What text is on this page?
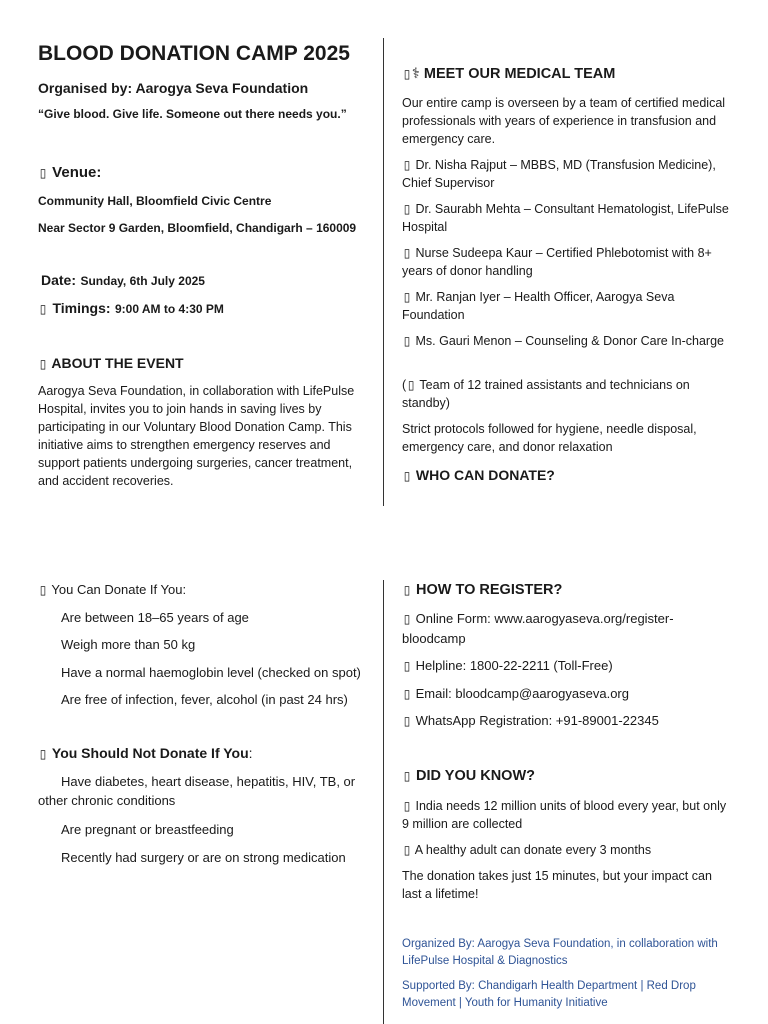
BLOOD DONATION CAMP 2025
Organised by: Aarogya Seva Foundation
“Give blood. Give life. Someone out there needs you.”
▯ Venue:
Community Hall, Bloomfield Civic Centre
Near Sector 9 Garden, Bloomfield, Chandigarh – 160009
Date: Sunday, 6th July 2025
▯ Timings: 9:00 AM to 4:30 PM
▯ ABOUT THE EVENT

Aarogya Seva Foundation, in collaboration with LifePulse Hospital, invites you to join hands in saving lives by participating in our Voluntary Blood Donation Camp. This initiative aims to strengthen emergency reserves and support patients undergoing surgeries, cancer treatment, and accident recoveries.

▯ ⚕ MEET OUR MEDICAL TEAM

Our entire camp is overseen by a team of certified medical professionals with years of experience in transfusion and emergency care.

▯ Dr. Nisha Rajput – MBBS, MD (Transfusion Medicine), Chief Supervisor

▯ Dr. Saurabh Mehta – Consultant Hematologist, LifePulse Hospital

▯ Nurse Sudeepa Kaur – Certified Phlebotomist with 8+ years of donor handling

▯ Mr. Ranjan Iyer – Health Officer, Aarogya Seva Foundation

▯ Ms. Gauri Menon – Counseling & Donor Care In-charge

( ▯ Team of 12 trained assistants and technicians on standby)

Strict protocols followed for hygiene, needle disposal, emergency care, and donor relaxation

▯ WHO CAN DONATE?

▯ You Can Donate If You:

Are between 18–65 years of age

Weigh more than 50 kg

Have a normal haemoglobin level (checked on spot)

Are free of infection, fever, alcohol (in past 24 hrs)

▯ You Should Not Donate If You:

Have diabetes, heart disease, hepatitis, HIV, TB, or other chronic conditions

Are pregnant or breastfeeding

Recently had surgery or are on strong medication

▯ HOW TO REGISTER?

▯ Online Form: www.aarogyaseva.org/register-bloodcamp

▯ Helpline: 1800-22-2211 (Toll-Free)

▯ Email: bloodcamp@aarogyaseva.org

▯ WhatsApp Registration: +91-89001-22345

▯ DID YOU KNOW?

▯ India needs 12 million units of blood every year, but only 9 million are collected

▯ A healthy adult can donate every 3 months

The donation takes just 15 minutes, but your impact can last a lifetime!

Organized By: Aarogya Seva Foundation, in collaboration with LifePulse Hospital & Diagnostics

Supported By: Chandigarh Health Department | Red Drop Movement | Youth for Humanity Initiative
